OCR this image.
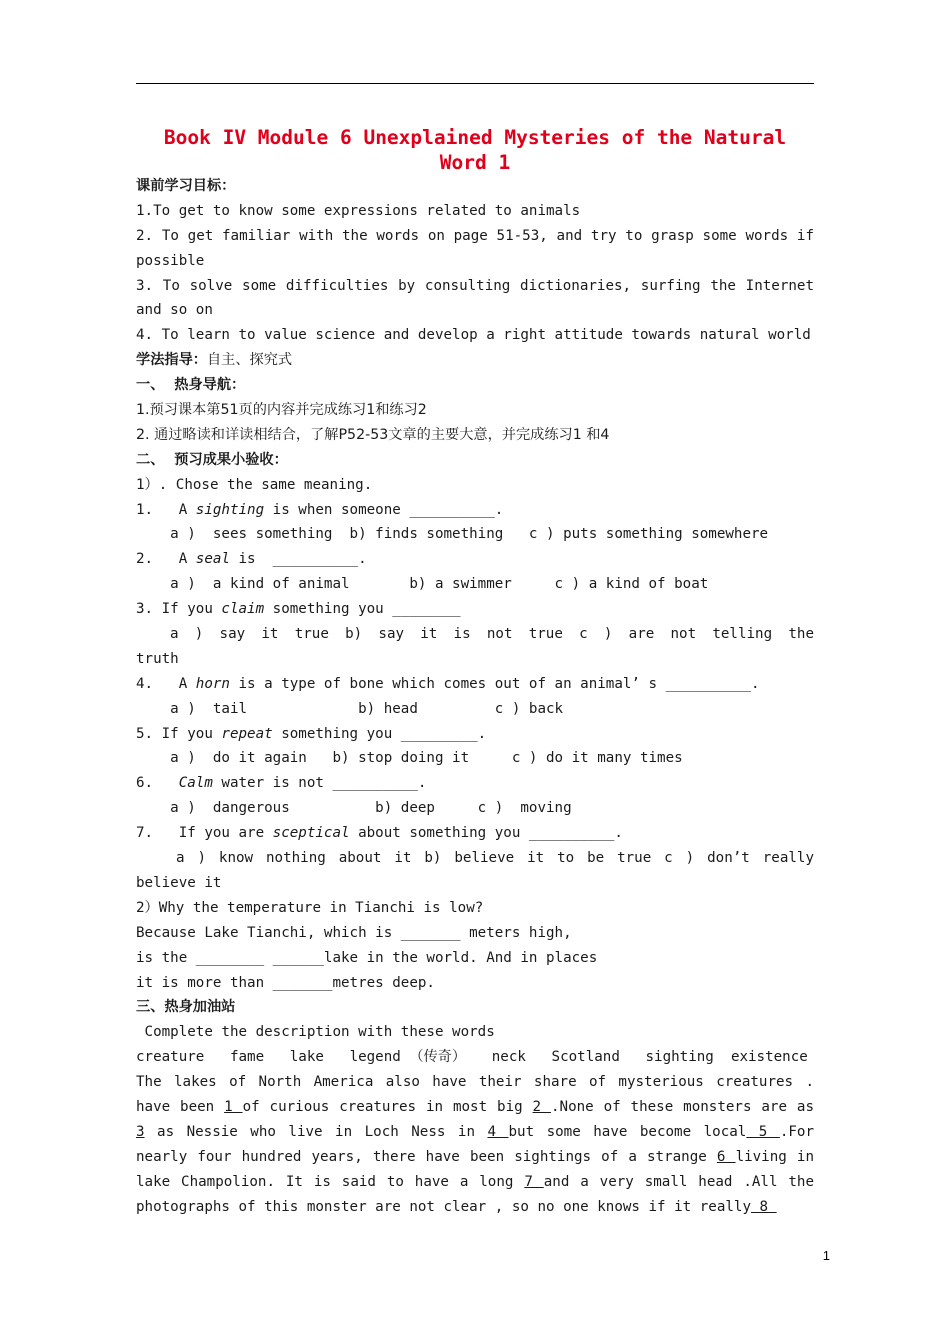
Book IV Module 6 Unexplained Mysteries of the Natural
Word 1
课前学习目标：
1.To get to know some expressions related to animals
2. To get familiar with the words on page 51-53, and try to grasp some words if
possible
3. To solve some difficulties by consulting dictionaries, surfing the Internet
and so on
4. To learn to value science and develop a right attitude towards natural world
学法指导：自主、探究式
一、  热身导航：
1.预习课本第51页的内容并完成练习1和练习2
2. 通过略读和详读相结合，了解P52-53文章的主要大意，并完成练习1 和4
二、  预习成果小验收：
1）. Chose the same meaning.
1.   A sighting is when someone __________.
a )  sees something  b) finds something   c ) puts something somewhere
2.   A seal is  __________.
a )  a kind of animal       b) a swimmer     c ) a kind of boat
3. If you claim something you ________
a ) say it true b) say it is not true c ) are not telling the
truth
4.   A horn is a type of bone which comes out of an animal’ s __________.
a )  tail             b) head         c ) back
5. If you repeat something you _________.
a )  do it again   b) stop doing it     c ) do it many times
6.   Calm water is not __________.
a )  dangerous          b) deep     c )  moving
7.   If you are sceptical about something you __________.
a ) know nothing about it b) believe it to be true c ) don’t really
believe it
2）Why the temperature in Tianchi is low?
Because Lake Tianchi, which is _______ meters high,
is the ________ ______lake in the world. And in places
it is more than _______metres deep.
三、热身加油站
Complete the description with these words
creature fame lake legend （传奇） neck Scotland sighting existence
The lakes of North America also have their share of mysterious creatures .
have been 1 of curious creatures in most big 2 .None of these monsters are as
3 as Nessie who live in Loch Ness in 4 but some have become local 5 .For
nearly four hundred years, there have been sightings of a strange 6 living in
lake Champolion. It is said to have a long 7 and a very small head .All the
photographs of this monster are not clear , so no one knows if it really 8
1
